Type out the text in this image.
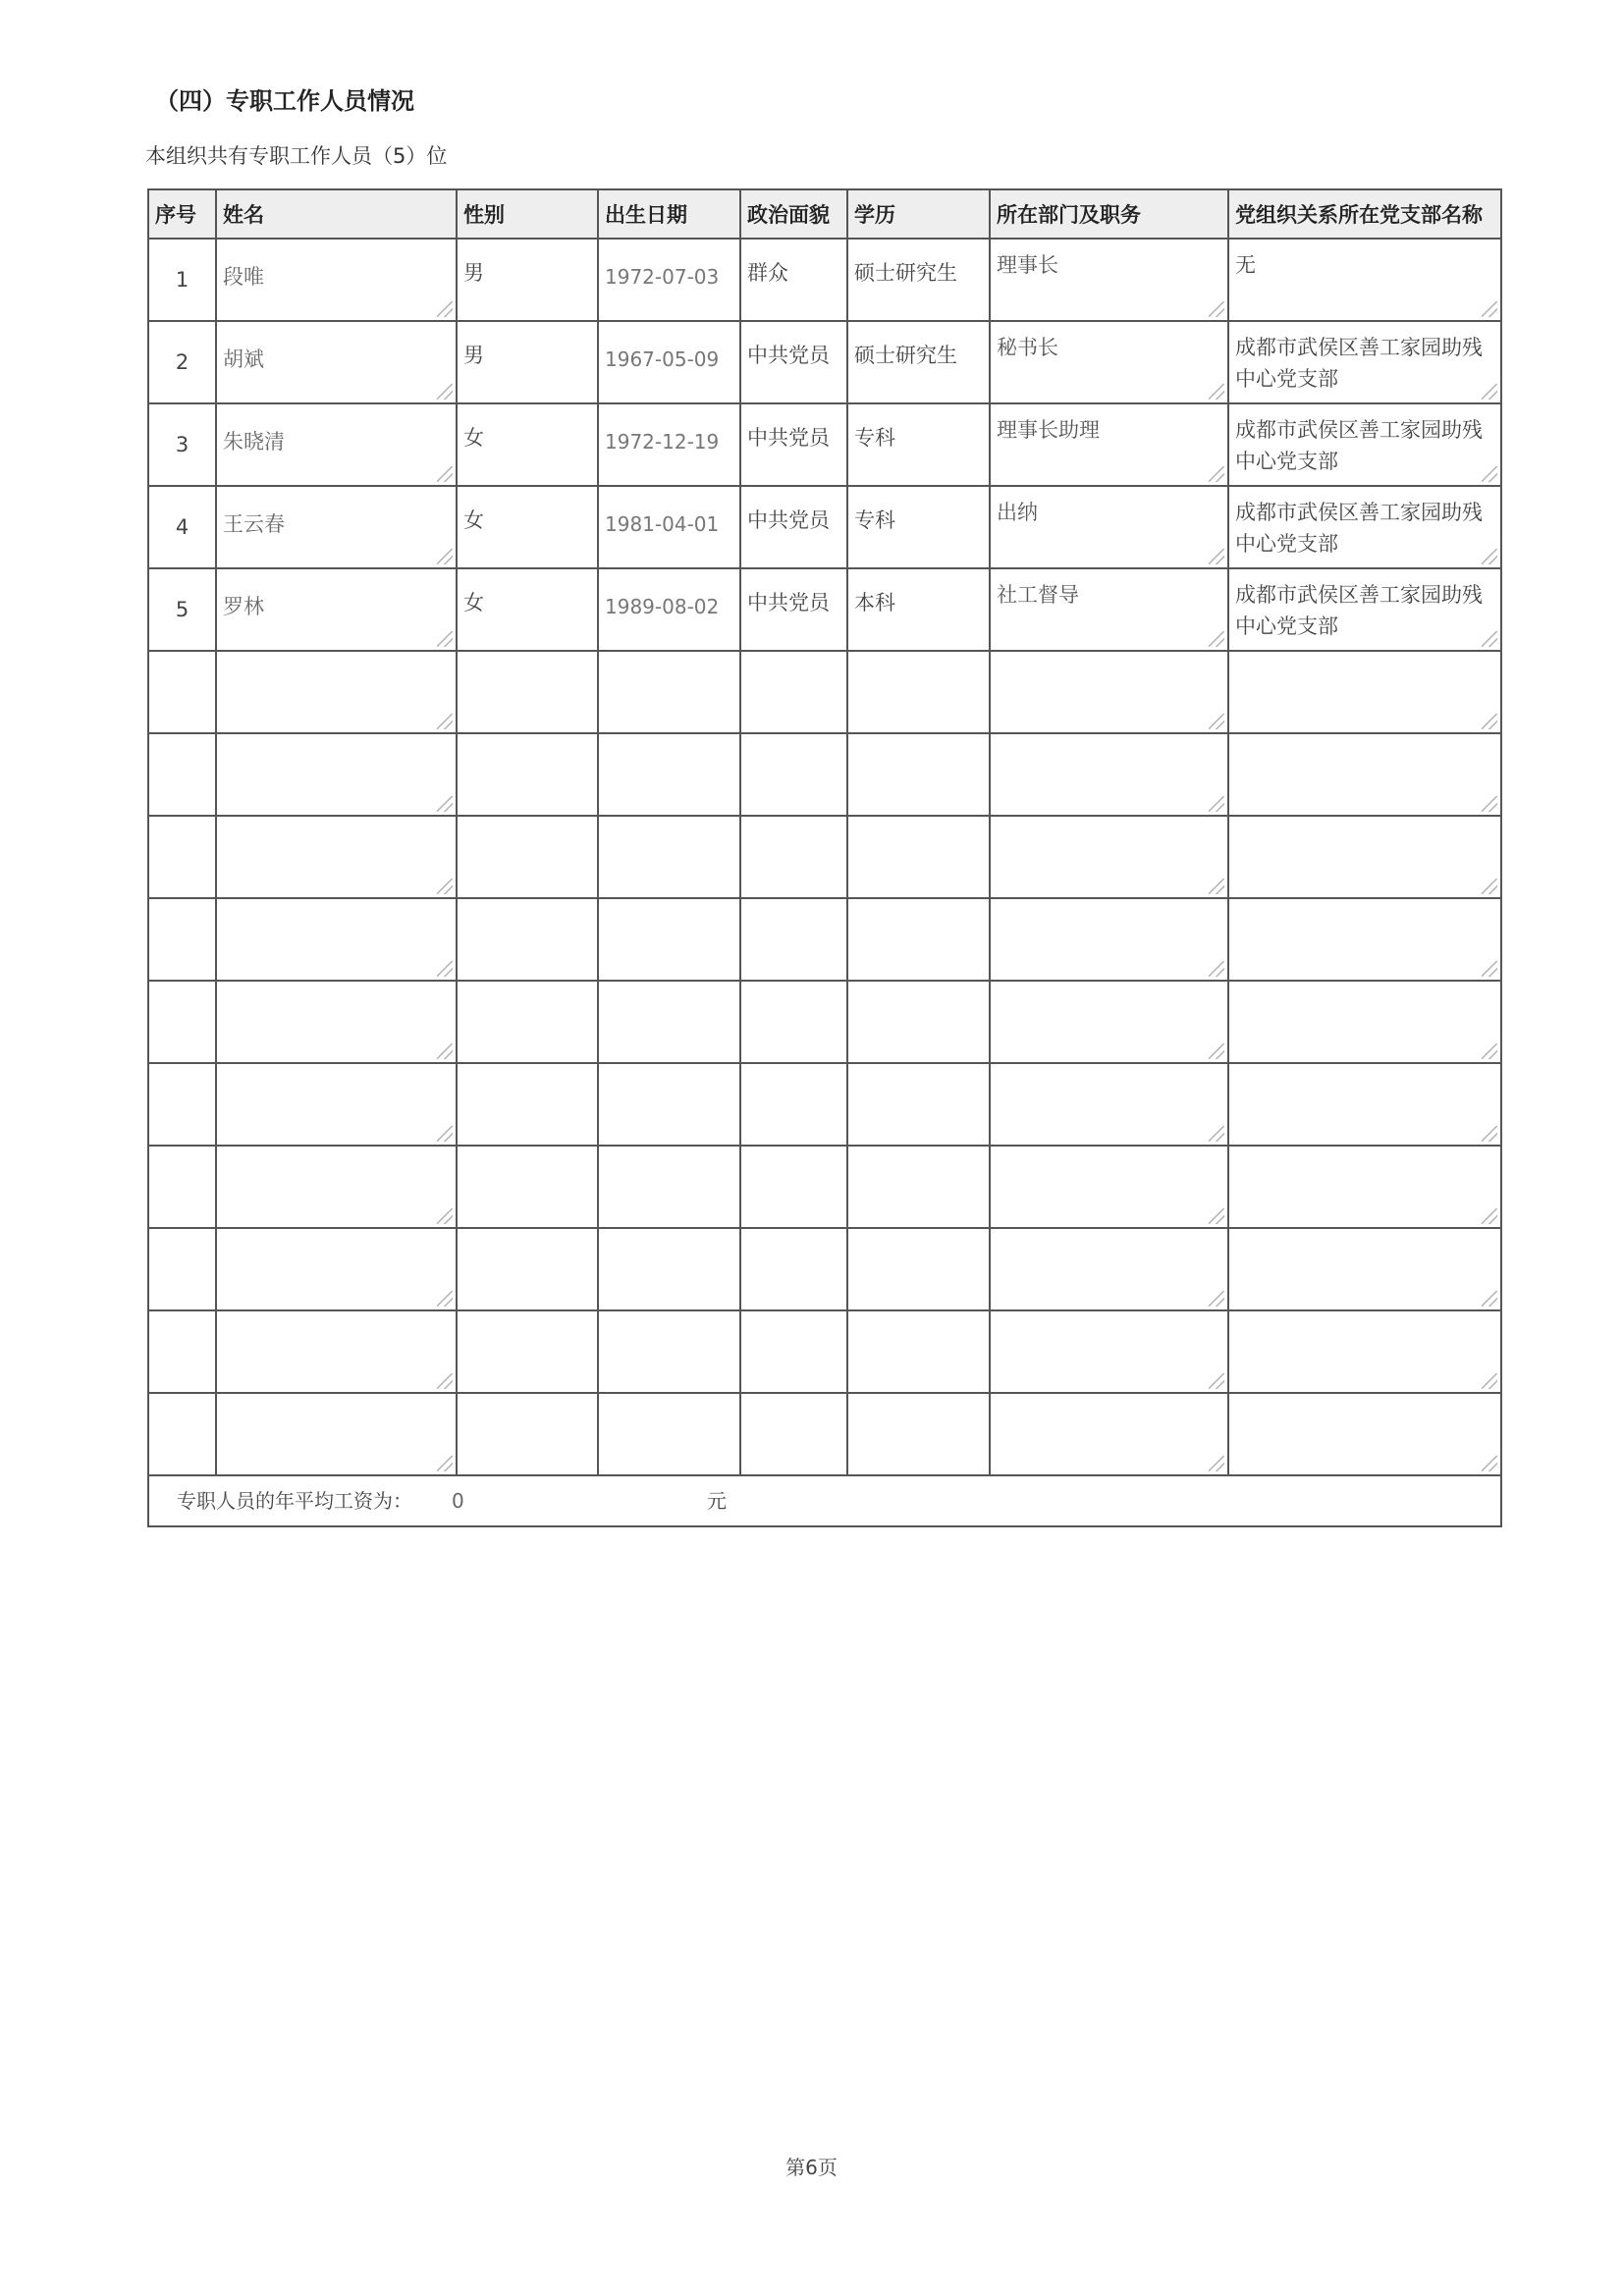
（四）专职工作人员情况
本组织共有专职工作人员（5）位
序号	姓名	性别	出生日期	政治面貌	学历	所在部门及职务	党组织关系所在党支部名称

1	段唯	男	1972-07-03	群众	硕士研究生	理事长	无

2	胡斌	男	1967-05-09	中共党员	硕士研究生	秘书长	成都市武侯区善工家园助残中心党支部

3	朱晓清	女	1972-12-19	中共党员	专科	理事长助理	成都市武侯区善工家园助残中心党支部

4	王云春	女	1981-04-01	中共党员	专科	出纳	成都市武侯区善工家园助残中心党支部

5	罗林	女	1989-08-02	中共党员	本科	社工督导	成都市武侯区善工家园助残中心党支部

专职人员的年平均工资为： 0 元							
第6页
